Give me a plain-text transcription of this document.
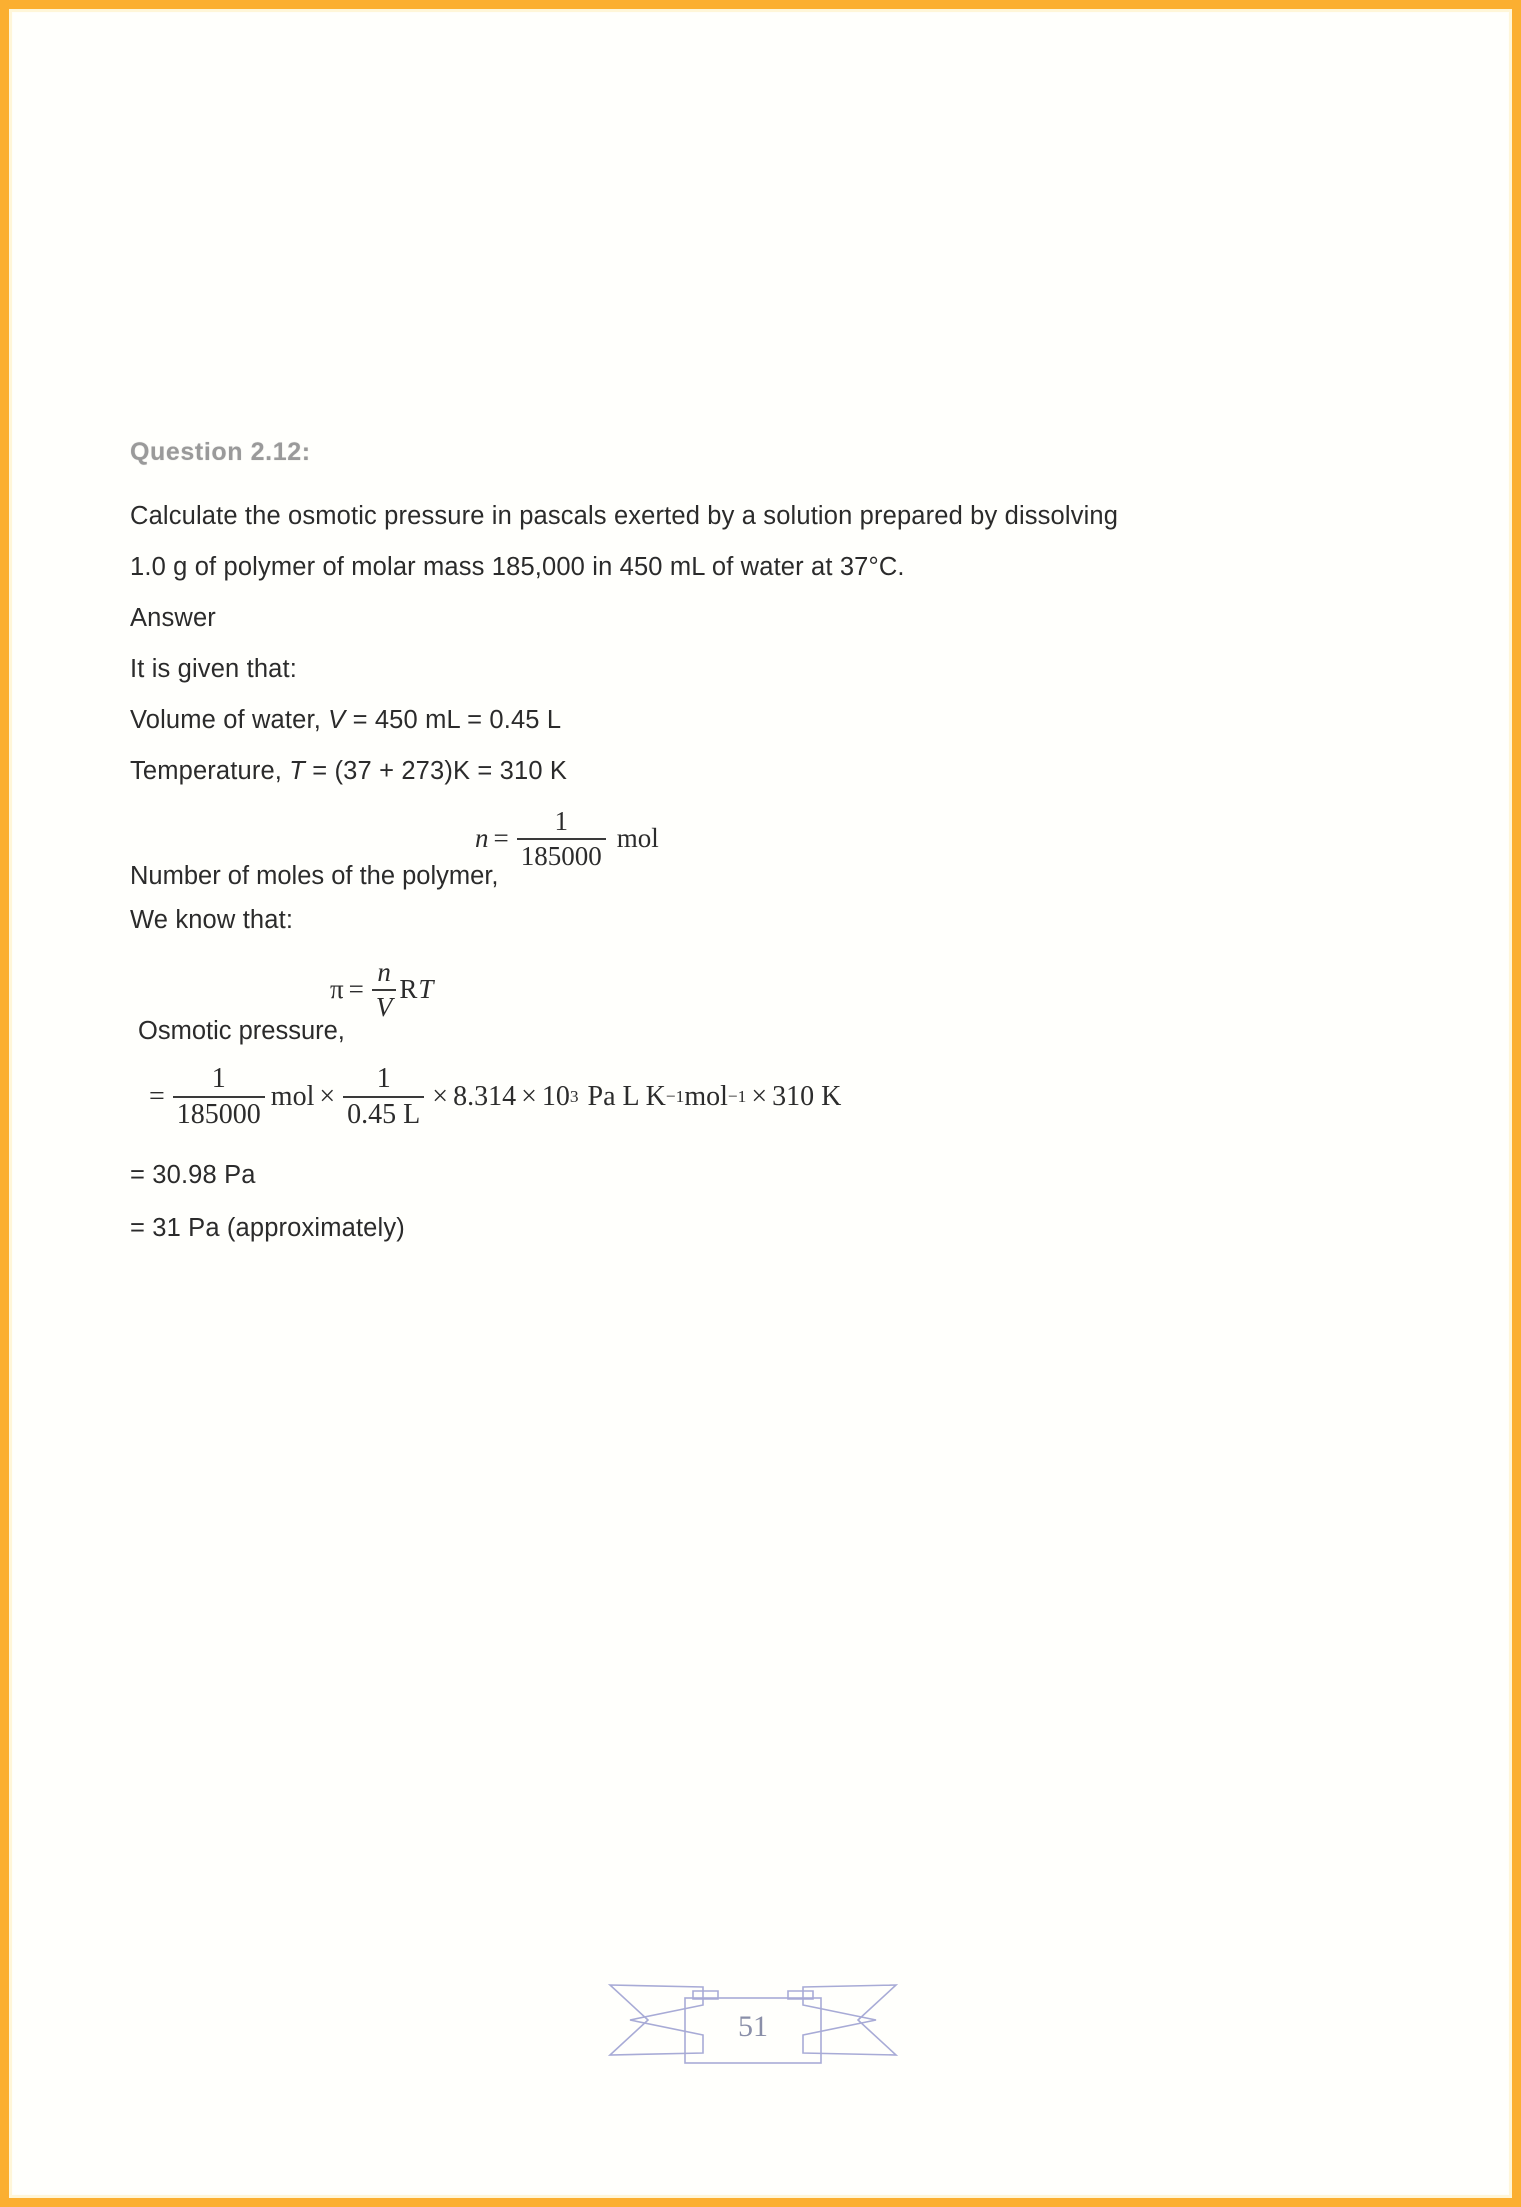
Question 2.12:

Calculate the osmotic pressure in pascals exerted by a solution prepared by dissolving

1.0 g of polymer of molar mass 185,000 in 450 mL of water at 37°C.

Answer

It is given that:

Volume of water, V = 450 mL = 0.45 L

Temperature, T = (37 + 273)K = 310 K

Number of moles of the polymer,
$n = \frac{1}{185000}$ mol

We know that:

Osmotic pressure,
$\pi = \frac{n}{V}$ RT
= $\frac{1}{185000}$ mol × $\frac{1}{0.45 L} \times 8.314 \times 10$ 3 Pa L K −1 mol −1 × 310 K

= 30.98 Pa

= 31 Pa (approximately)

51
